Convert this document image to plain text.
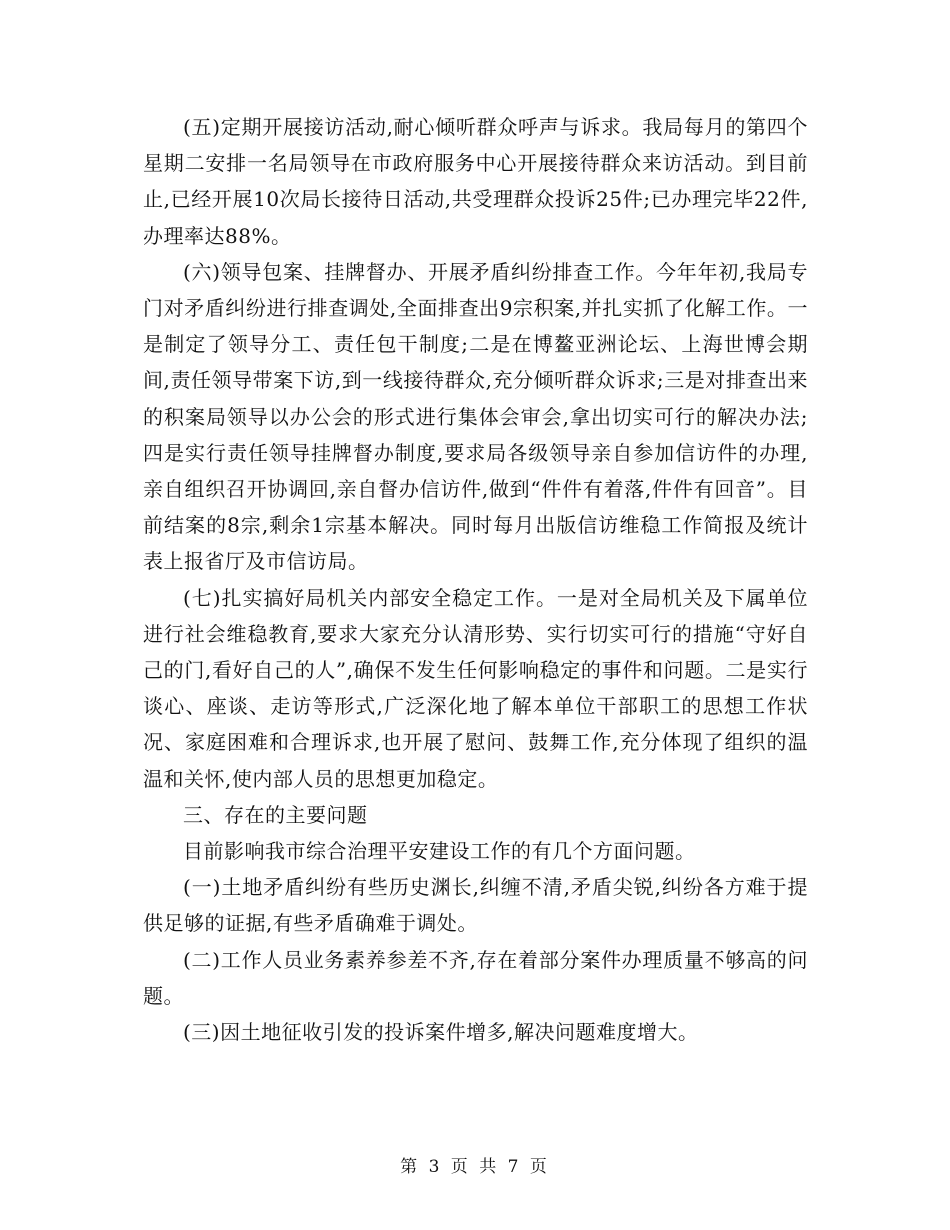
(五)定期开展接访活动,耐心倾听群众呼声与诉求。我局每月的第四个星期二安排一名局领导在市政府服务中心开展接待群众来访活动。到目前止,已经开展10次局长接待日活动,共受理群众投诉25件;已办理完毕22件,办理率达88%。

(六)领导包案、挂牌督办、开展矛盾纠纷排查工作。今年年初,我局专门对矛盾纠纷进行排查调处,全面排查出9宗积案,并扎实抓了化解工作。一是制定了领导分工、责任包干制度;二是在博鳌亚洲论坛、上海世博会期间,责任领导带案下访,到一线接待群众,充分倾听群众诉求;三是对排查出来的积案局领导以办公会的形式进行集体会审会,拿出切实可行的解决办法;四是实行责任领导挂牌督办制度,要求局各级领导亲自参加信访件的办理,亲自组织召开协调回,亲自督办信访件,做到“件件有着落,件件有回音”。目前结案的8宗,剩余1宗基本解决。同时每月出版信访维稳工作简报及统计表上报省厅及市信访局。

(七)扎实搞好局机关内部安全稳定工作。一是对全局机关及下属单位进行社会维稳教育,要求大家充分认清形势、实行切实可行的措施“守好自己的门,看好自己的人”,确保不发生任何影响稳定的事件和问题。二是实行谈心、座谈、走访等形式,广泛深化地了解本单位干部职工的思想工作状况、家庭困难和合理诉求,也开展了慰问、鼓舞工作,充分体现了组织的温温和关怀,使内部人员的思想更加稳定。

三、存在的主要问题

目前影响我市综合治理平安建设工作的有几个方面问题。

(一)土地矛盾纠纷有些历史渊长,纠缠不清,矛盾尖锐,纠纷各方难于提供足够的证据,有些矛盾确难于调处。

(二)工作人员业务素养参差不齐,存在着部分案件办理质量不够高的问题。

(三)因土地征收引发的投诉案件增多,解决问题难度增大。

第 3 页 共 7 页
